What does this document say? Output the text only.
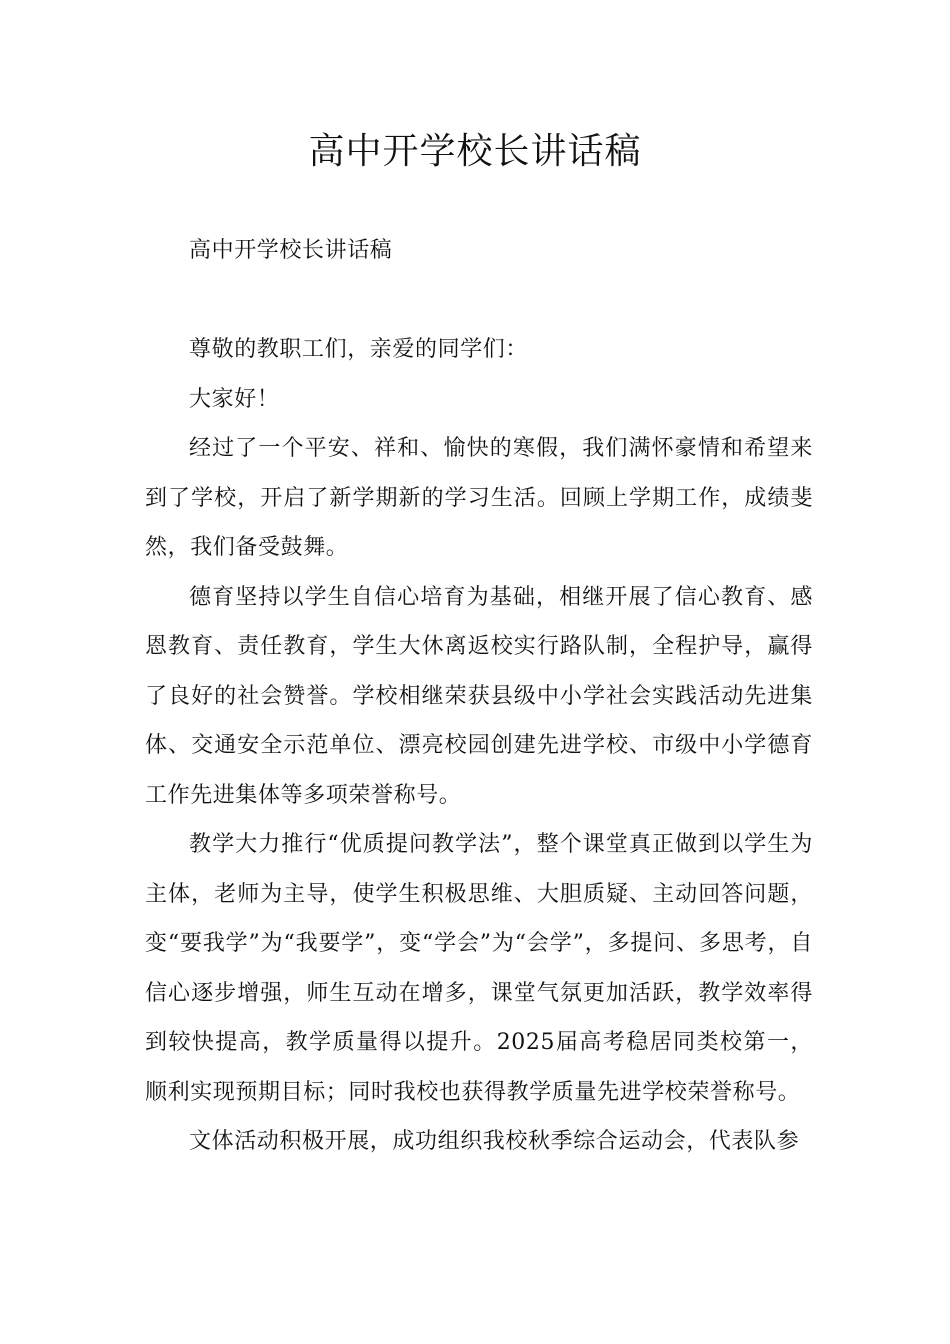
高中开学校长讲话稿

高中开学校长讲话稿

尊敬的教职工们，亲爱的同学们：

大家好！

经过了一个平安、祥和、愉快的寒假，我们满怀豪情和希望来到了学校，开启了新学期新的学习生活。回顾上学期工作，成绩斐然，我们备受鼓舞。

德育坚持以学生自信心培育为基础，相继开展了信心教育、感恩教育、责任教育，学生大休离返校实行路队制，全程护导，赢得了良好的社会赞誉。学校相继荣获县级中小学社会实践活动先进集体、交通安全示范单位、漂亮校园创建先进学校、市级中小学德育工作先进集体等多项荣誉称号。

教学大力推行“优质提问教学法”，整个课堂真正做到以学生为主体，老师为主导，使学生积极思维、大胆质疑、主动回答问题，变“要我学”为“我要学”，变“学会”为“会学”，多提问、多思考，自信心逐步增强，师生互动在增多，课堂气氛更加活跃，教学效率得到较快提高，教学质量得以提升。2025届高考稳居同类校第一，顺利实现预期目标；同时我校也获得教学质量先进学校荣誉称号。

文体活动积极开展，成功组织我校秋季综合运动会，代表队参
